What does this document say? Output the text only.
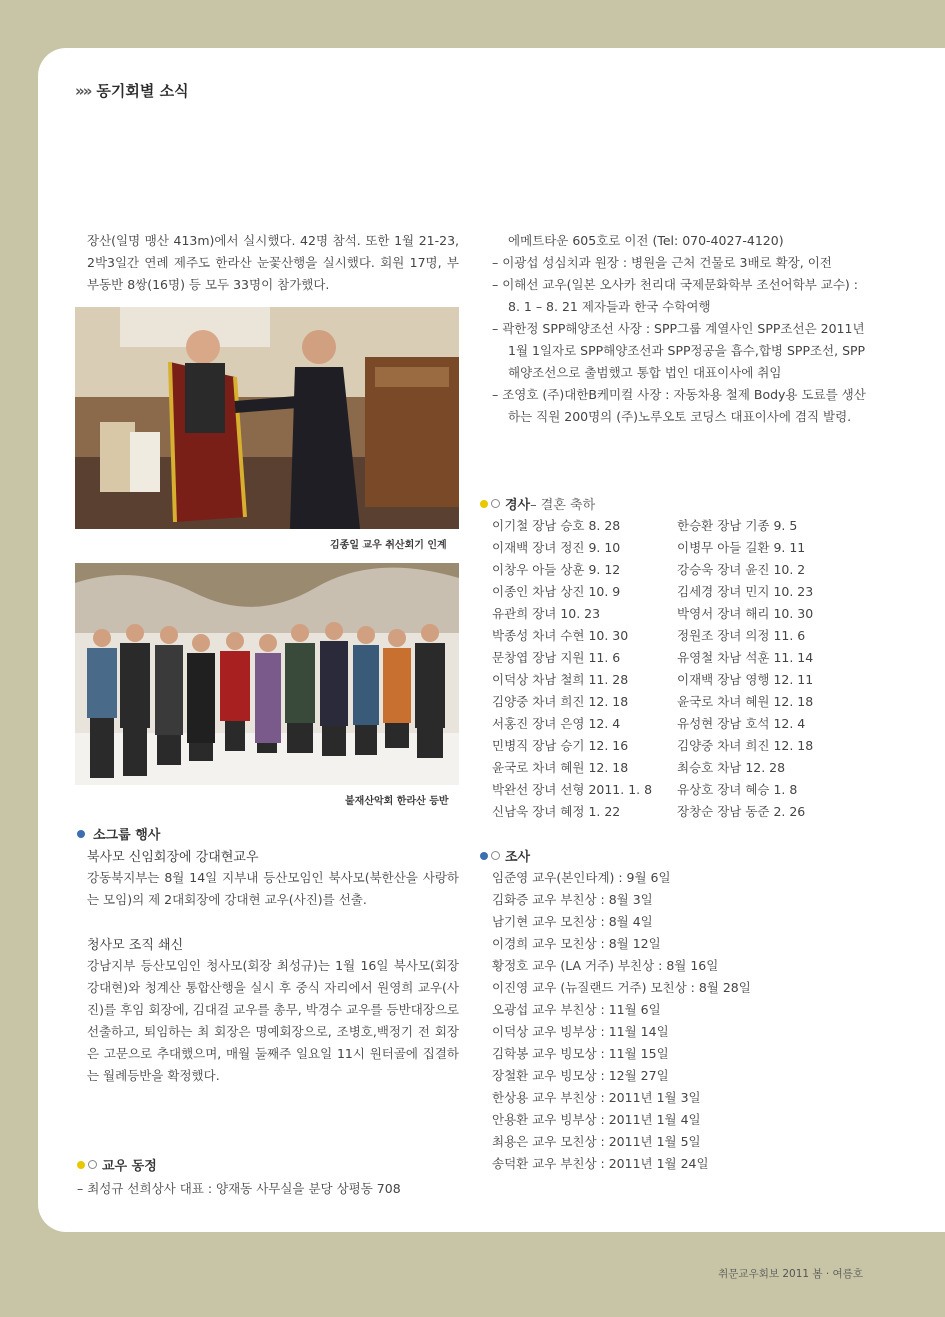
»» 동기회별 소식

장산(일명 맹산 413m)에서 실시했다. 42명 참석. 또한 1월 21-23, 2박3일간 연례 제주도 한라산 눈꽃산행을 실시했다. 회원 17명, 부부동반 8쌍(16명) 등 모두 33명이 참가했다.

김종일 교우 취산회기 인계
불재산악회 한라산 등반
소그룹 행사

북사모 신임회장에 강대현교우

강동북지부는 8월 14일 지부내 등산모임인 북사모(북한산을 사랑하는 모임)의 제 2대회장에 강대현 교우(사진)를 선출.

청사모 조직 쇄신

강남지부 등산모임인 청사모(회장 최성규)는 1월 16일 북사모(회장 강대현)와 청계산 통합산행을 실시 후 중식 자리에서 원영희 교우(사진)를 후임 회장에, 김대걸 교우를 총무, 박경수 교우를 등반대장으로 선출하고, 퇴임하는 최 회장은 명예회장으로, 조병호,백정기 전 회장은 고문으로 추대했으며, 매월 둘째주 일요일 11시 원터골에 집결하는 월례등반을 확정했다.

교우 동정

– 최성규 선희상사 대표 : 양재동 사무실을 분당 상평동 708

에메트타운 605호로 이전 (Tel: 070-4027-4120)

– 이광섭 성심치과 원장 : 병원을 근처 건물로 3배로 확장, 이전

– 이해선 교우(일본 오사카 천리대 국제문화학부 조선어학부 교수) : 8. 1 – 8. 21 제자들과 한국 수학여행

– 곽한정 SPP해양조선 사장 : SPP그룹 계열사인 SPP조선은 2011년 1월 1일자로 SPP해양조선과 SPP정공을 흡수,합병 SPP조선, SPP해양조선으로 출범했고 통합 법인 대표이사에 취임

– 조영호 (주)대한B케미컬 사장 : 자동차용 철제 Body용 도료를 생산하는 직원 200명의 (주)노루오토 코딩스 대표이사에 겸직 발령.

경사 – 결혼 축하
이기철 장남 승호 8. 28	한승환 장남 기종 9. 5
이재백 장녀 정진 9. 10	이병무 아들 길환 9. 11
이창우 아들 상훈 9. 12	강승욱 장녀 윤진 10. 2
이종인 차남 상진 10. 9	김세경 장녀 민지 10. 23
유관희 장녀 10. 23	박영서 장녀 해리 10. 30
박종성 차녀 수현 10. 30	정원조 장녀 의정 11. 6
문창엽 장남 지원 11. 6	유영철 차남 석훈 11. 14
이덕상 차남 철희 11. 28	이재백 장남 영행 12. 11
김양중 차녀 희진 12. 18	윤국로 차녀 혜원 12. 18
서홍진 장녀 은영 12. 4	유성현 장남 호석 12. 4
민병직 장남 승기 12. 16	김양중 차녀 희진 12. 18
윤국로 차녀 혜원 12. 18	최승호 차남 12. 28
박완선 장녀 선형 2011. 1. 8	유상호 장녀 혜승 1. 8
신남욱 장녀 혜정 1. 22	장창순 장남 동준 2. 26
조사
임준영 교우(본인타계) : 9월 6일
김화증 교우 부친상 : 8월 3일
남기현 교우 모친상 : 8월 4일
이경희 교우 모친상 : 8월 12일
황정호 교우 (LA 거주) 부친상 : 8월 16일
이진영 교우 (뉴질랜드 거주) 모친상 : 8월 28일
오광섭 교우 부친상 : 11월 6일
이덕상 교우 빙부상 : 11월 14일
김학봉 교우 빙모상 : 11월 15일
장철환 교우 빙모상 : 12월 27일
한상용 교우 부친상 : 2011년 1월 3일
안용환 교우 빙부상 : 2011년 1월 4일
최용은 교우 모친상 : 2011년 1월 5일
송덕환 교우 부친상 : 2011년 1월 24일
취문교우회보 2011 봄 · 여름호
